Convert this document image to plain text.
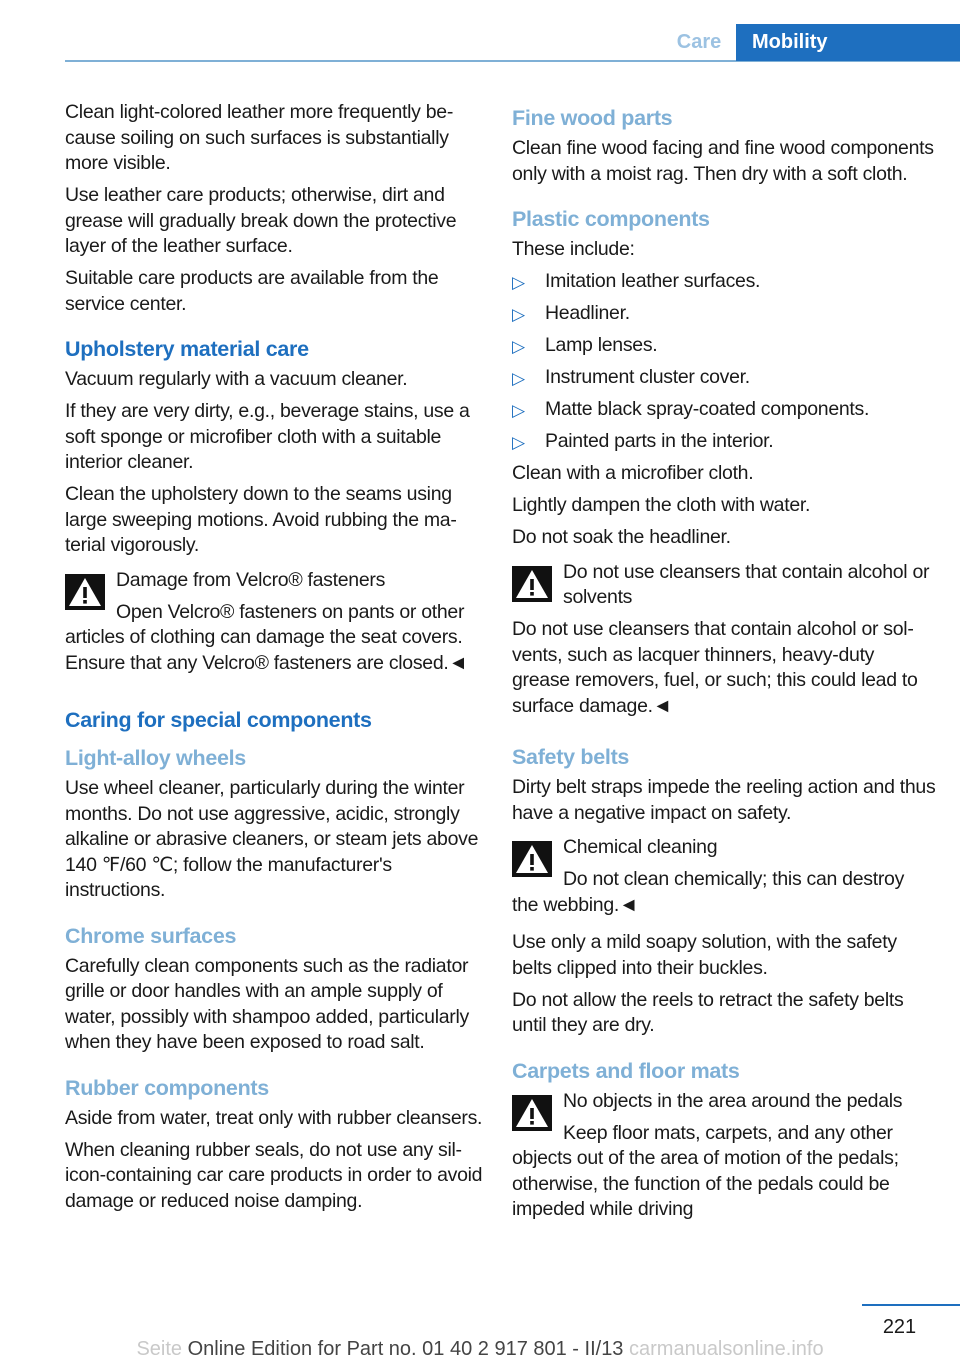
Care	Mobility

Clean light-colored leather more frequently because soiling on such surfaces is substantially more visible.

Use leather care products; otherwise, dirt and grease will gradually break down the protective layer of the leather surface.

Suitable care products are available from the service center.

Upholstery material care

Vacuum regularly with a vacuum cleaner.

If they are very dirty, e.g., beverage stains, use a soft sponge or microfiber cloth with a suitable interior cleaner.

Clean the upholstery down to the seams using large sweeping motions. Avoid rubbing the material vigorously.

Damage from Velcro® fasteners

Open Velcro® fasteners on pants or other

articles of clothing can damage the seat covers. Ensure that any Velcro® fasteners are closed.◄
Caring for special components
Light-alloy wheels

Use wheel cleaner, particularly during the winter months. Do not use aggressive, acidic, strongly alkaline or abrasive cleaners, or steam jets above 140 ℉/60 ℃; follow the manufacturer's instructions.

Chrome surfaces

Carefully clean components such as the radiator grille or door handles with an ample supply of water, possibly with shampoo added, particularly when they have been exposed to road salt.

Rubber components

Aside from water, treat only with rubber cleansers.

When cleaning rubber seals, do not use any silicon-containing car care products in order to avoid damage or reduced noise damping.

Fine wood parts

Clean fine wood facing and fine wood components only with a moist rag. Then dry with a soft cloth.

Plastic components

These include:

▷ Imitation leather surfaces.
▷ Headliner.
▷ Lamp lenses.
▷ Instrument cluster cover.
▷ Matte black spray-coated components.
▷ Painted parts in the interior.

Clean with a microfiber cloth.

Lightly dampen the cloth with water.

Do not soak the headliner.

Do not use cleansers that contain alcohol or solvents

Do not use cleansers that contain alcohol or solvents, such as lacquer thinners, heavy-duty grease removers, fuel, or such; this could lead to surface damage.◄
Safety belts

Dirty belt straps impede the reeling action and thus have a negative impact on safety.

Chemical cleaning

Do not clean chemically; this can destroy

the webbing.◄

Use only a mild soapy solution, with the safety belts clipped into their buckles.

Do not allow the reels to retract the safety belts until they are dry.

Carpets and floor mats

No objects in the area around the pedals

Keep floor mats, carpets, and any other

objects out of the area of motion of the pedals; otherwise, the function of the pedals could be impeded while driving
221
Seite Online Edition for Part no. 01 40 2 917 801 - II/13 carmanualsonline.info
